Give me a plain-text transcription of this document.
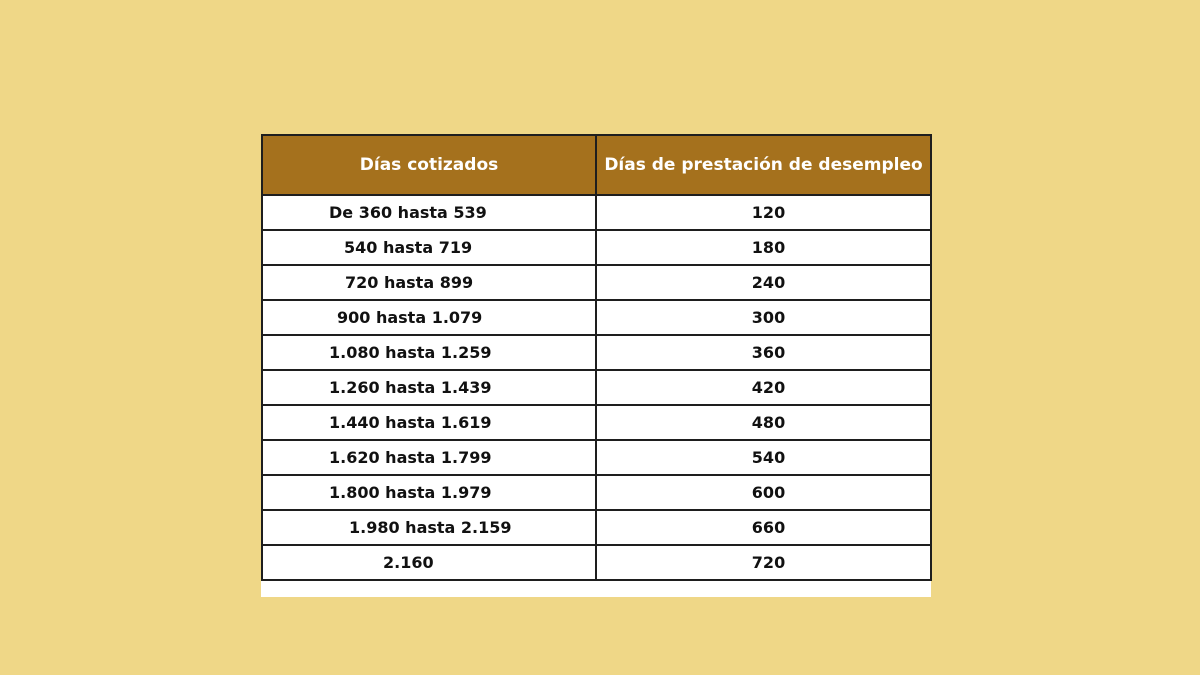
Días cotizados	Días de prestación de desempleo
De 360 hasta 539	120
540 hasta 719	180
720 hasta 899	240
900 hasta 1.079	300
1.080 hasta 1.259	360
1.260 hasta 1.439	420
1.440 hasta 1.619	480
1.620 hasta 1.799	540
1.800 hasta 1.979	600
1.980 hasta 2.159	660
2.160	720
